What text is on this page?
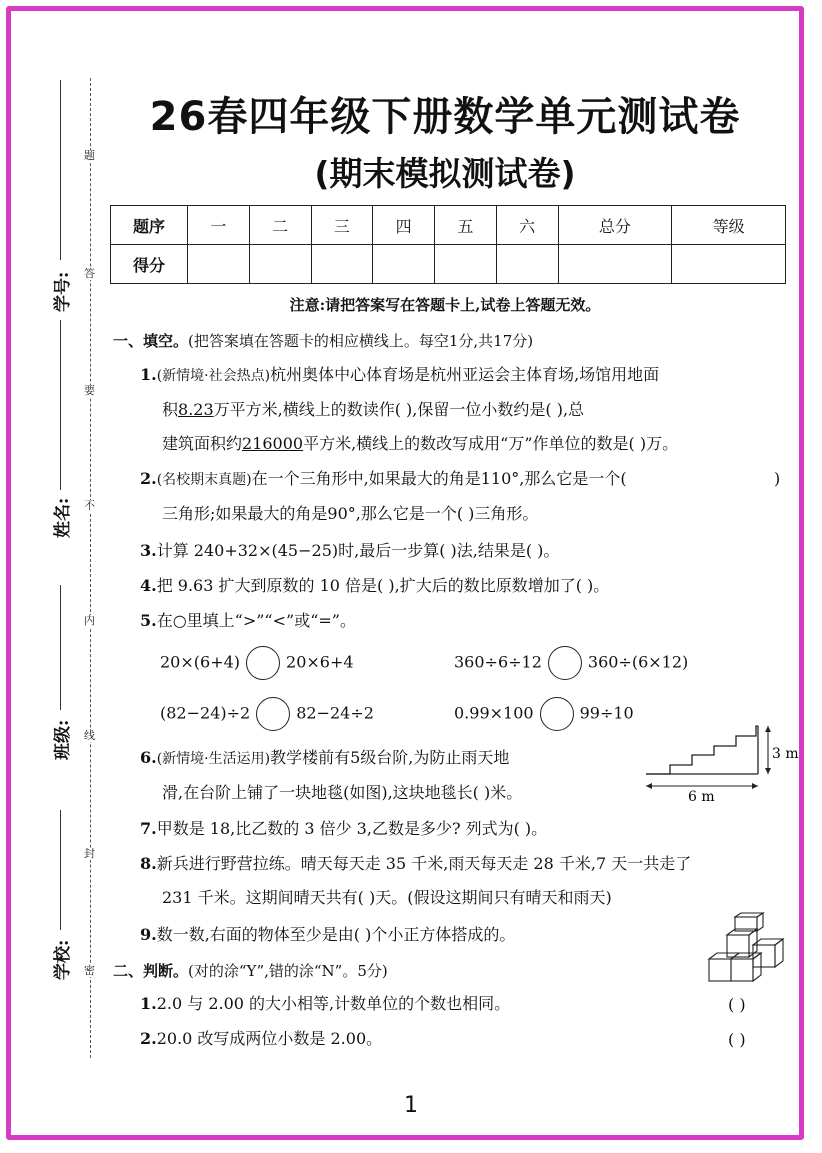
题
答
要
不
内
线
封
密
学号:
姓名:
班级:
学校:
26春四年级下册数学单元测试卷
(期末模拟测试卷)
题序	一	二	三	四	五	六	总分	等级
得分								
注意:请把答案写在答题卡上,试卷上答题无效。
一、填空。(把答案填在答题卡的相应横线上。每空1分,共17分)
1.(新情境·社会热点)杭州奥体中心体育场是杭州亚运会主体育场,场馆用地面
积8.23万平方米,横线上的数读作( ),保留一位小数约是( ),总
建筑面积约216000平方米,横线上的数改写成用“万”作单位的数是( )万。
2.(名校期末真题)在一个三角形中,如果最大的角是110°,那么它是一个(
三角形;如果最大的角是90°,那么它是一个( )三角形。
)
3.计算 240+32×(45−25)时,最后一步算( )法,结果是( )。
4.把 9.63 扩大到原数的 10 倍是( ),扩大后的数比原数增加了( )。
5.在○里填上“>”“<”或“=”。
20×(6+4)	20×6+4	360÷6÷12	360÷(6×12)
(82−24)÷2	82−24÷2	0.99×100	99÷10
6.(新情境·生活运用)教学楼前有5级台阶,为防止雨天地
滑,在台阶上铺了一块地毯(如图),这块地毯长( )米。
3 m
6 m
7.甲数是 18,比乙数的 3 倍少 3,乙数是多少? 列式为( )。
8.新兵进行野营拉练。晴天每天走 35 千米,雨天每天走 28 千米,7 天一共走了
231 千米。这期间晴天共有( )天。(假设这期间只有晴天和雨天)
9.数一数,右面的物体至少是由( )个小正方体搭成的。
二、判断。(对的涂“Y”,错的涂“N”。5分)
1.2.0 与 2.00 的大小相等,计数单位的个数也相同。	( )
2.20.0 改写成两位小数是 2.00。	( )
1
